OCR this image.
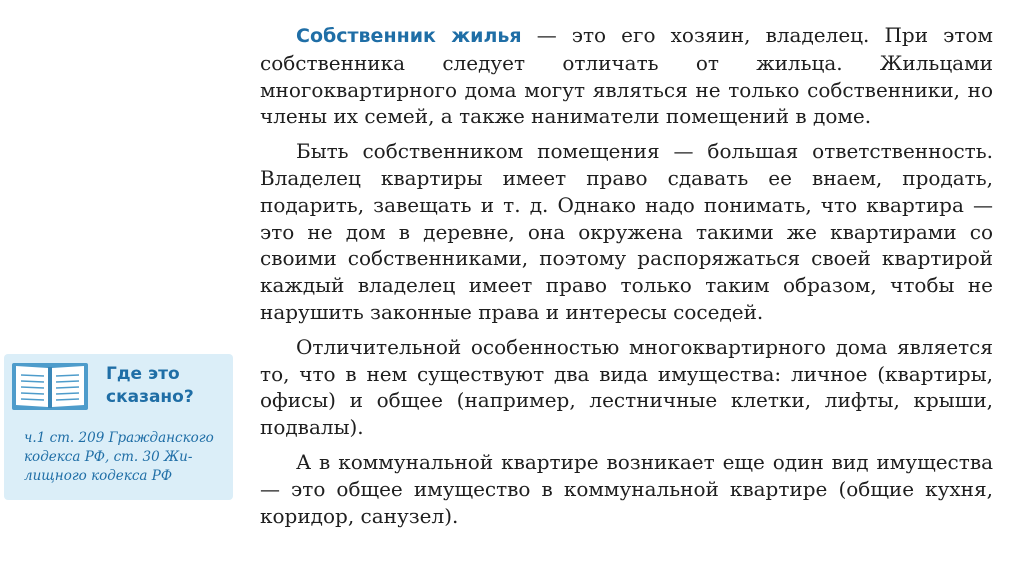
Собственник жилья — это его хозяин, владелец. При этом собственника следует отличать от жильца. Жильцами многоквартирного дома могут являться не только собственники, но члены их семей, а также наниматели помещений в доме.

Быть собственником помещения — большая ответственность. Владелец квартиры имеет право сдавать ее внаем, продать, подарить, завещать и т. д. Однако надо понимать, что квартира — это не дом в деревне, она окружена такими же квартирами со своими собственниками, поэтому распоряжаться своей квартирой каждый владелец имеет право только таким образом, чтобы не нарушить законные права и интересы соседей.

Отличительной особенностью многоквартирного дома является то, что в нем существуют два вида имущества: личное (квартиры, офисы) и общее (например, лестничные клетки, лифты, крыши, подвалы).

А в коммунальной квартире возникает еще один вид имущества — это общее имущество в коммунальной квартире (общие кухня, коридор, санузел).

Где это
сказано?
ч.1 ст. 209 Гражданского
кодекса РФ, ст. 30 Жи-
лищного кодекса РФ
